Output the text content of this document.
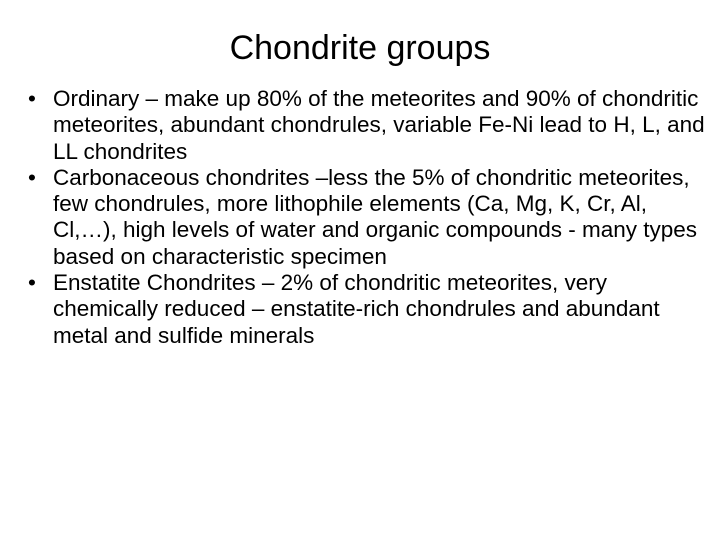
Chondrite groups
• Ordinary – make up 80% of the meteorites and 90% of chondritic meteorites, abundant chondrules, variable Fe-Ni lead to H, L, and LL chondrites
• Carbonaceous chondrites –less the 5% of chondritic meteorites, few chondrules, more lithophile elements (Ca, Mg, K, Cr, Al, Cl,…), high levels of water and organic compounds - many types based on characteristic specimen
• Enstatite Chondrites – 2% of chondritic meteorites, very chemically reduced – enstatite-rich chondrules and abundant metal and sulfide minerals
